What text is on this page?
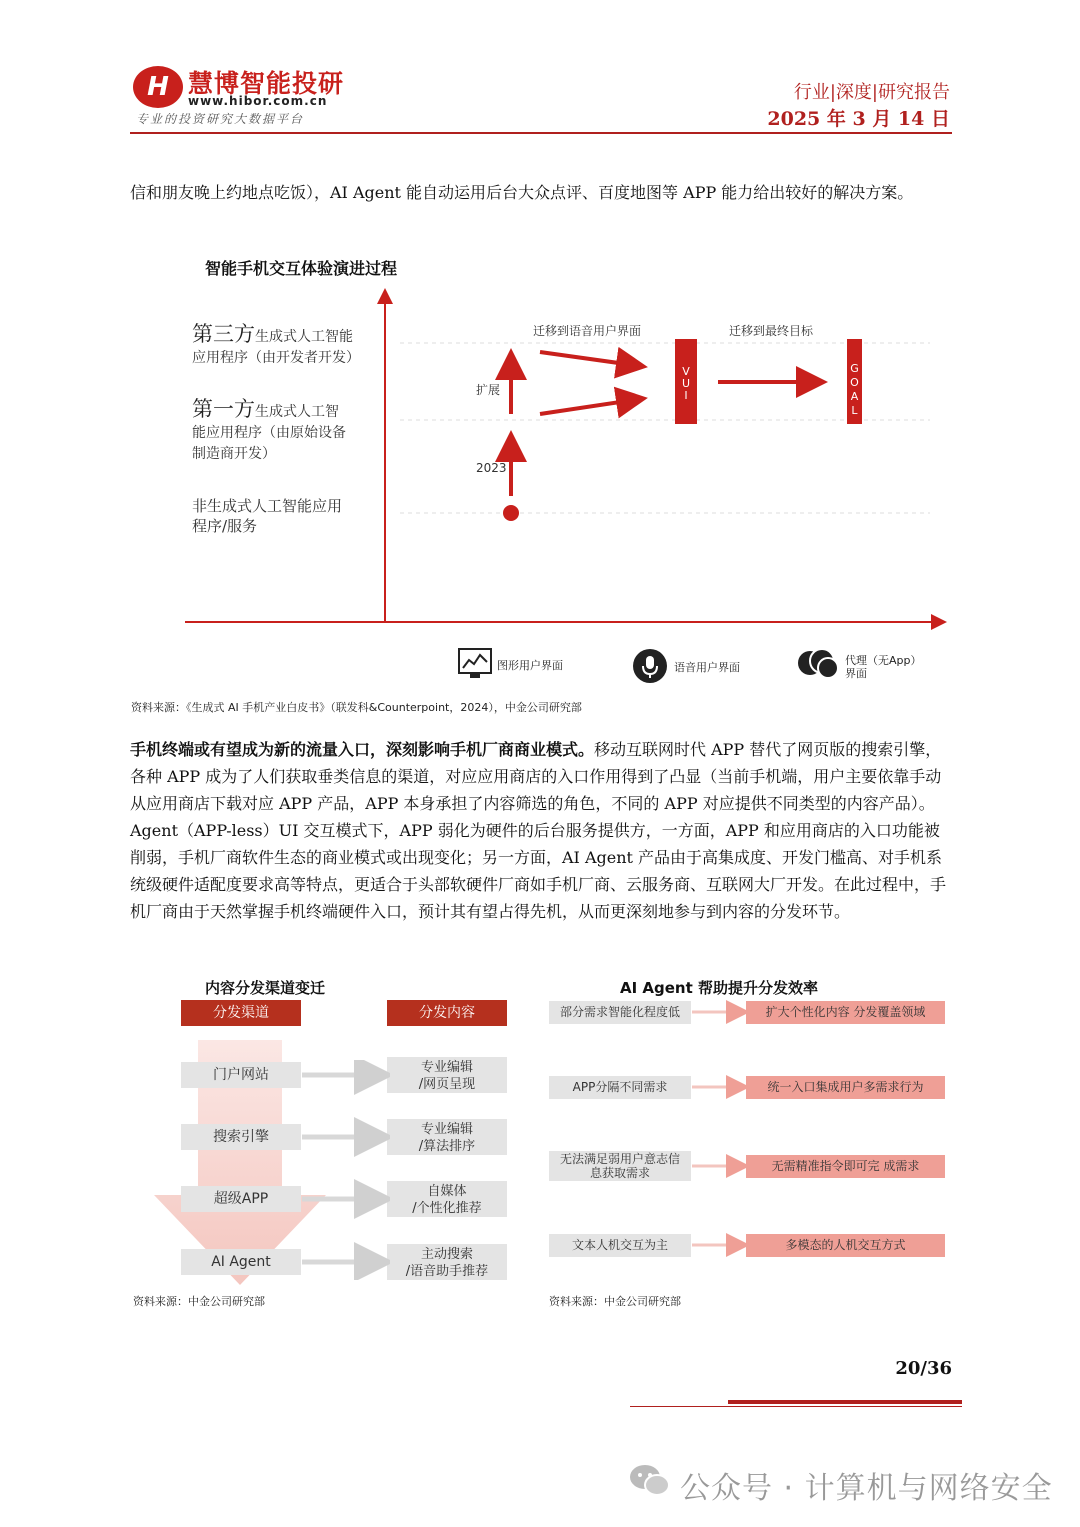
H 慧博智能投研
www.hibor.com.cn
专业的投资研究大数据平台
行业|深度|研究报告
2025 年 3 月 14 日
信和朋友晚上约地点吃饭），AI Agent 能自动运用后台大众点评、百度地图等 APP 能力给出较好的解决方案。
智能手机交互体验演进过程
V
U
I
G
O
A
L
第三方生成式人工智能
应用程序（由开发者开发）
第一方生成式人工智
能应用程序（由原始设备
制造商开发）
非生成式人工智能应用
程序/服务
扩展
2023
迁移到语音用户界面	迁移到最终目标
图形用户界面	语音用户界面
代理（无App）
界面
资料来源：《生成式 AI 手机产业白皮书》（联发科&Counterpoint，2024），中金公司研究部
手机终端或有望成为新的流量入口，深刻影响手机厂商商业模式。移动互联网时代 APP 替代了网页版的搜索引擎，各种 APP 成为了人们获取垂类信息的渠道，对应应用商店的入口作用得到了凸显（当前手机端，用户主要依靠手动从应用商店下载对应 APP 产品，APP 本身承担了内容筛选的角色，不同的 APP 对应提供不同类型的内容产品）。Agent（APP-less）UI 交互模式下，APP 弱化为硬件的后台服务提供方，一方面，APP 和应用商店的入口功能被削弱，手机厂商软件生态的商业模式或出现变化；另一方面，AI Agent 产品由于高集成度、开发门槛高、对手机系统级硬件适配度要求高等特点，更适合于头部软硬件厂商如手机厂商、云服务商、互联网大厂开发。在此过程中，手机厂商由于天然掌握手机终端硬件入口，预计其有望占得先机，从而更深刻地参与到内容的分发环节。
内容分发渠道变迁
分发渠道	分发内容
门户网站	专业编辑
/网页呈现
搜索引擎	专业编辑
/算法排序
超级APP	自媒体
/个性化推荐
AI Agent	主动搜索
/语音助手推荐
资料来源：中金公司研究部
AI Agent 帮助提升分发效率
部分需求智能化程度低	扩大个性化内容 分发覆盖领域
APP分隔不同需求	统一入口集成用户多需求行为
无法满足弱用户意志信
息获取需求	无需精准指令即可完 成需求
文本人机交互为主	多模态的人机交互方式
资料来源：中金公司研究部
20/36
公众号 · 计算机与网络安全
